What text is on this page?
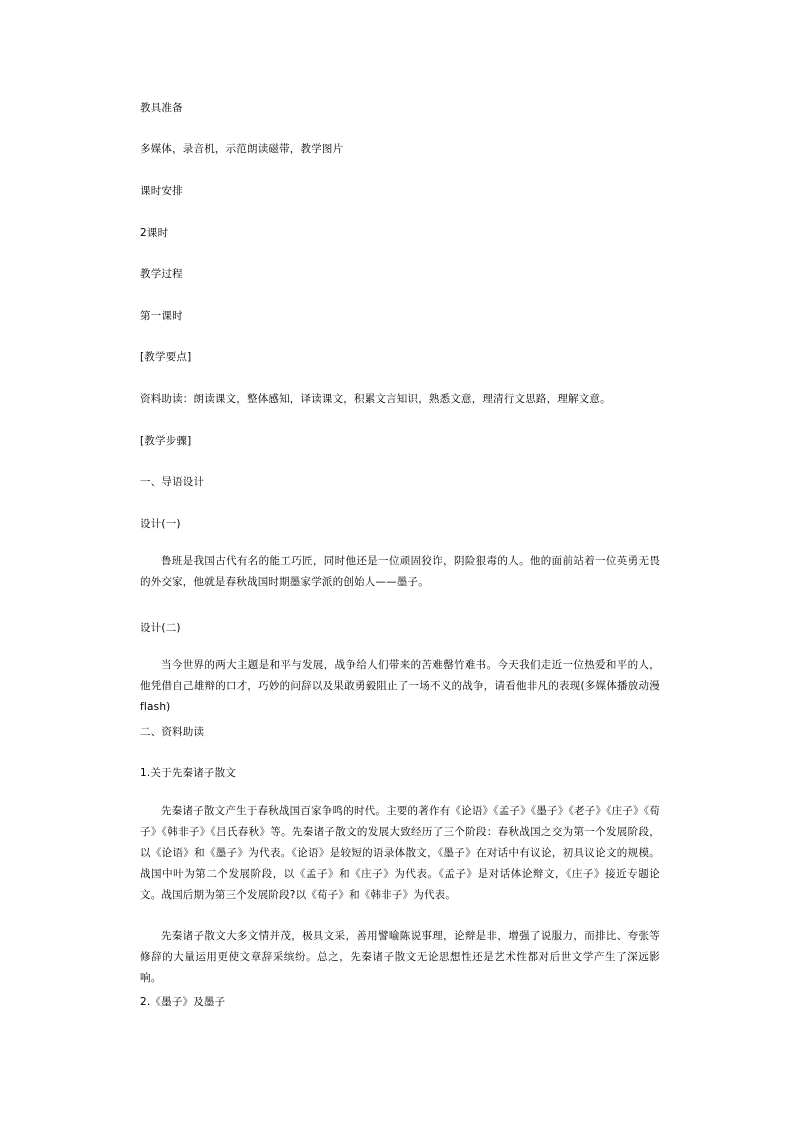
教具准备
多媒体，录音机，示范朗读磁带，教学图片
课时安排
2课时
教学过程
第一课时
[教学要点]
资料助读：朗读课文，整体感知，译读课文，积累文言知识，熟悉文意，理清行文思路，理解文意。
[教学步骤]
一、导语设计
设计(一)
鲁班是我国古代有名的能工巧匠，同时他还是一位顽固狡诈，阴险狠毒的人。他的面前站着一位英勇无畏的外交家，他就是春秋战国时期墨家学派的创始人——墨子。
设计(二)
当今世界的两大主题是和平与发展，战争给人们带来的苦难罄竹难书。今天我们走近一位热爱和平的人，他凭借自己雄辩的口才，巧妙的问辞以及果敢勇毅阻止了一场不义的战争，请看他非凡的表现(多媒体播放动漫flash)
二、资料助读
1.关于先秦诸子散文
先秦诸子散文产生于春秋战国百家争鸣的时代。主要的著作有《论语》《孟子》《墨子》《老子》《庄子》《荀子》《韩非子》《吕氏春秋》等。先秦诸子散文的发展大致经历了三个阶段：春秋战国之交为第一个发展阶段，以《论语》和《墨子》为代表。《论语》是较短的语录体散文，《墨子》在对话中有议论，初具议论文的规模。战国中叶为第二个发展阶段，以《孟子》和《庄子》为代表。《孟子》是对话体论辩文，《庄子》接近专题论文。战国后期为第三个发展阶段?以《荀子》和《韩非子》为代表。
先秦诸子散文大多文情并茂，极具文采，善用譬喻陈说事理，论辩是非，增强了说服力，而排比、夸张等修辞的大量运用更使文章辞采缤纷。总之，先秦诸子散文无论思想性还是艺术性都对后世文学产生了深远影响。
2.《墨子》及墨子
